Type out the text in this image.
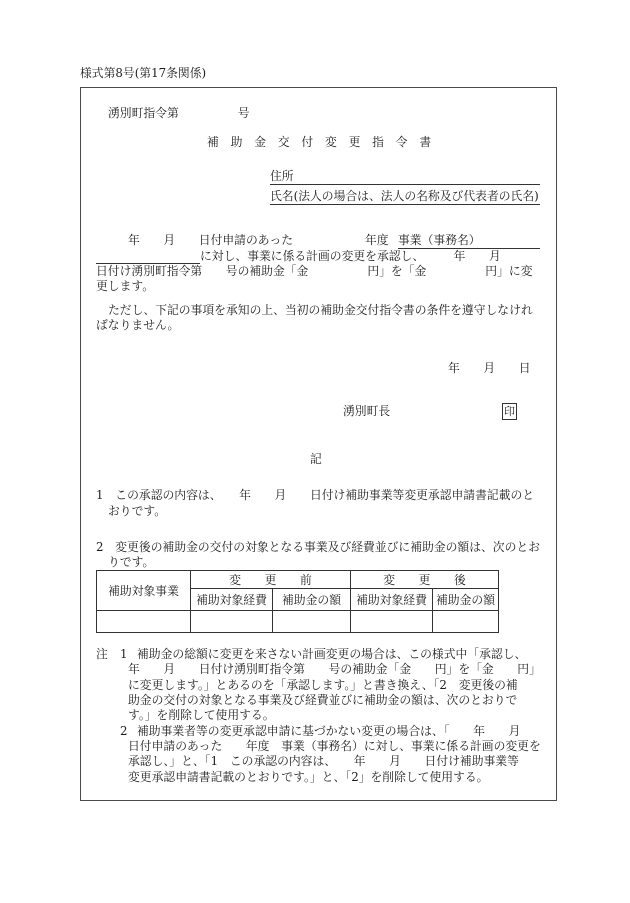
様式第8号(第17条関係)
湧別町指令第　　　　　号
補　助　金　交　付　変　更　指　令　書
住所
氏名(法人の場合は、法人の名称及び代表者の氏名)
年　　月　　日付申請のあった	年度 事業（事務名）
に対し、事業に係る計画の変更を承認し、　　　年　　月
日付け湧別町指令第　　号の補助金「金　　　　　円」を「金　　　　　円」に変
更します。
ただし、下記の事項を承知の上、当初の補助金交付指令書の条件を遵守しなけれ
ばなりません。
年　　月　　日
湧別町長	印
記
1　この承認の内容は、　　年　　月　　日付け補助事業等変更承認申請書記載のと
おりです。
2　変更後の補助金の交付の対象となる事業及び経費並びに補助金の額は、次のとお
りです。
補助対象事業	変　　更　　前		変　　更　　後	
	補助対象経費	補助金の額	補助対象経費	補助金の額

注 1 補助金の総額に変更を来さない計画変更の場合は、この様式中「承認し、
年　　月　　日付け湧別町指令第　　号の補助金「金　　円」を「金　　円」
に変更します。」とあるのを「承認します。」と書き換え、「2　変更後の補
助金の交付の対象となる事業及び経費並びに補助金の額は、次のとおりで
す。」を削除して使用する。
2 補助事業者等の変更承認申請に基づかない変更の場合は、「　　年　　月
日付申請のあった　　年度　事業（事務名）に対し、事業に係る計画の変更を
承認し、」と、「1　この承認の内容は、　　年　　月　　日付け補助事業等
変更承認申請書記載のとおりです。」と、「2」を削除して使用する。
